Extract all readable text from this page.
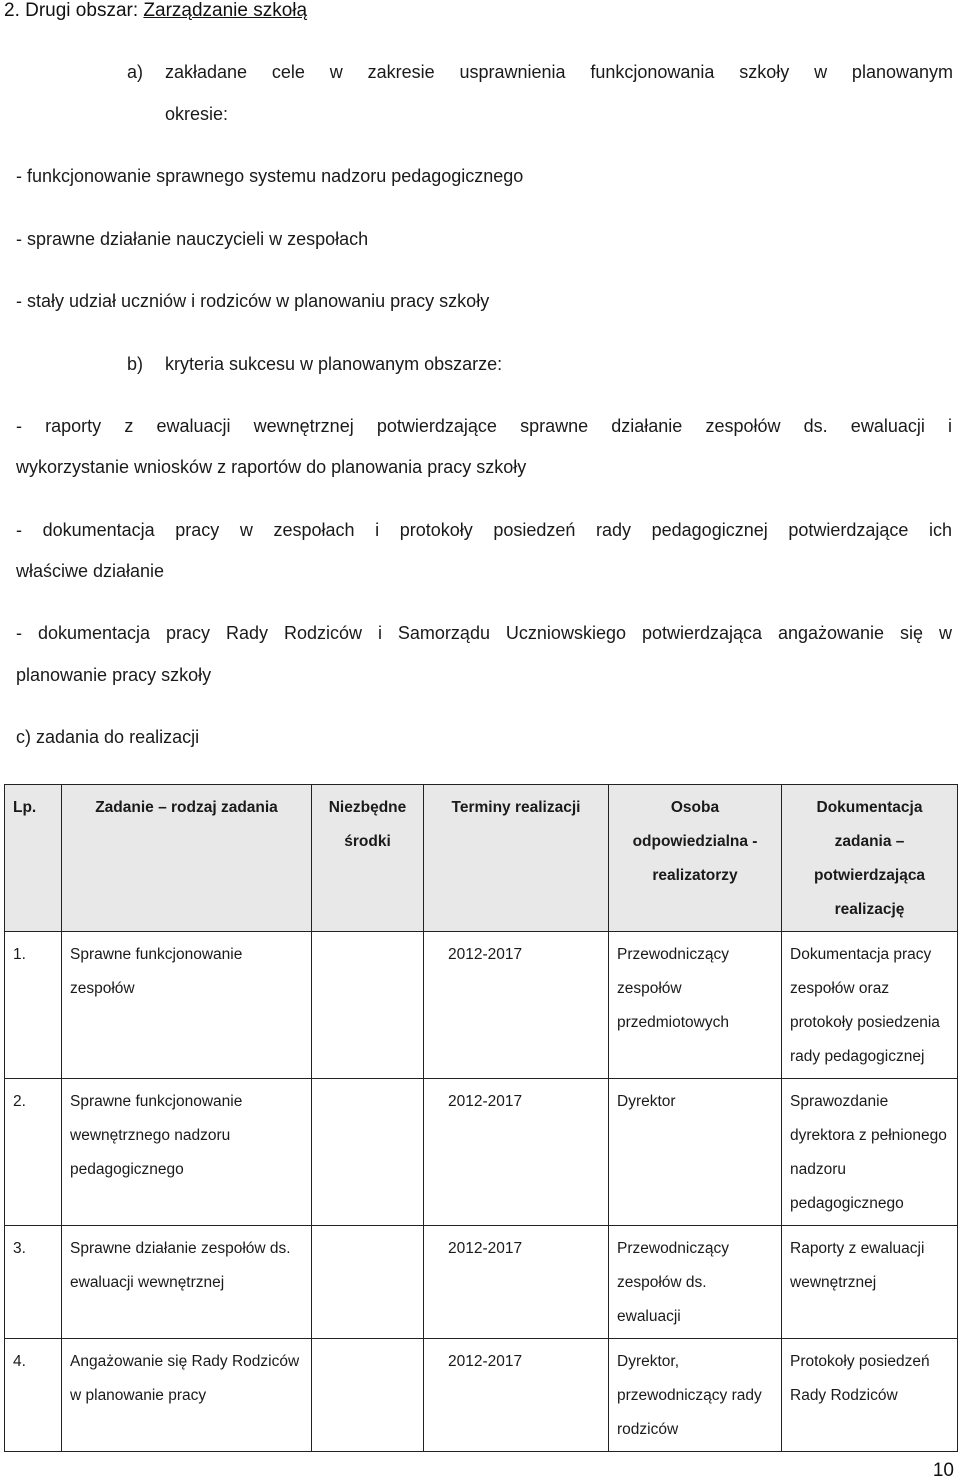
2. Drugi obszar: Zarządzanie szkołą
a) zakładane cele w zakresie usprawnienia funkcjonowania szkoły w planowanym
okresie:
- funkcjonowanie sprawnego systemu nadzoru pedagogicznego
- sprawne działanie nauczycieli w zespołach
- stały udział uczniów i rodziców w planowaniu pracy szkoły
b) kryteria sukcesu w planowanym obszarze:
- raporty z ewaluacji wewnętrznej potwierdzające sprawne działanie zespołów ds. ewaluacji i
wykorzystanie wniosków z raportów do planowania pracy szkoły
- dokumentacja pracy w zespołach i protokoły posiedzeń rady pedagogicznej potwierdzające ich
właściwe działanie
- dokumentacja pracy Rady Rodziców i Samorządu Uczniowskiego potwierdzająca angażowanie się w
planowanie pracy szkoły
c) zadania do realizacji
Lp.	Zadanie – rodzaj zadania	Niezbędne środki	Terminy realizacji	Osoba odpowiedzialna - realizatorzy	Dokumentacja zadania – potwierdzająca realizację
1.	Sprawne funkcjonowanie zespołów		2012-2017	Przewodniczący zespołów przedmiotowych	Dokumentacja pracy zespołów oraz protokoły posiedzenia rady pedagogicznej
2.	Sprawne funkcjonowanie wewnętrznego nadzoru pedagogicznego		2012-2017	Dyrektor	Sprawozdanie dyrektora z pełnionego nadzoru pedagogicznego
3.	Sprawne działanie zespołów ds. ewaluacji wewnętrznej		2012-2017	Przewodniczący zespołów ds. ewaluacji	Raporty z ewaluacji wewnętrznej
4.	Angażowanie się Rady Rodziców w planowanie pracy		2012-2017	Dyrektor, przewodniczący rady rodziców	Protokoły posiedzeń Rady Rodziców
10
